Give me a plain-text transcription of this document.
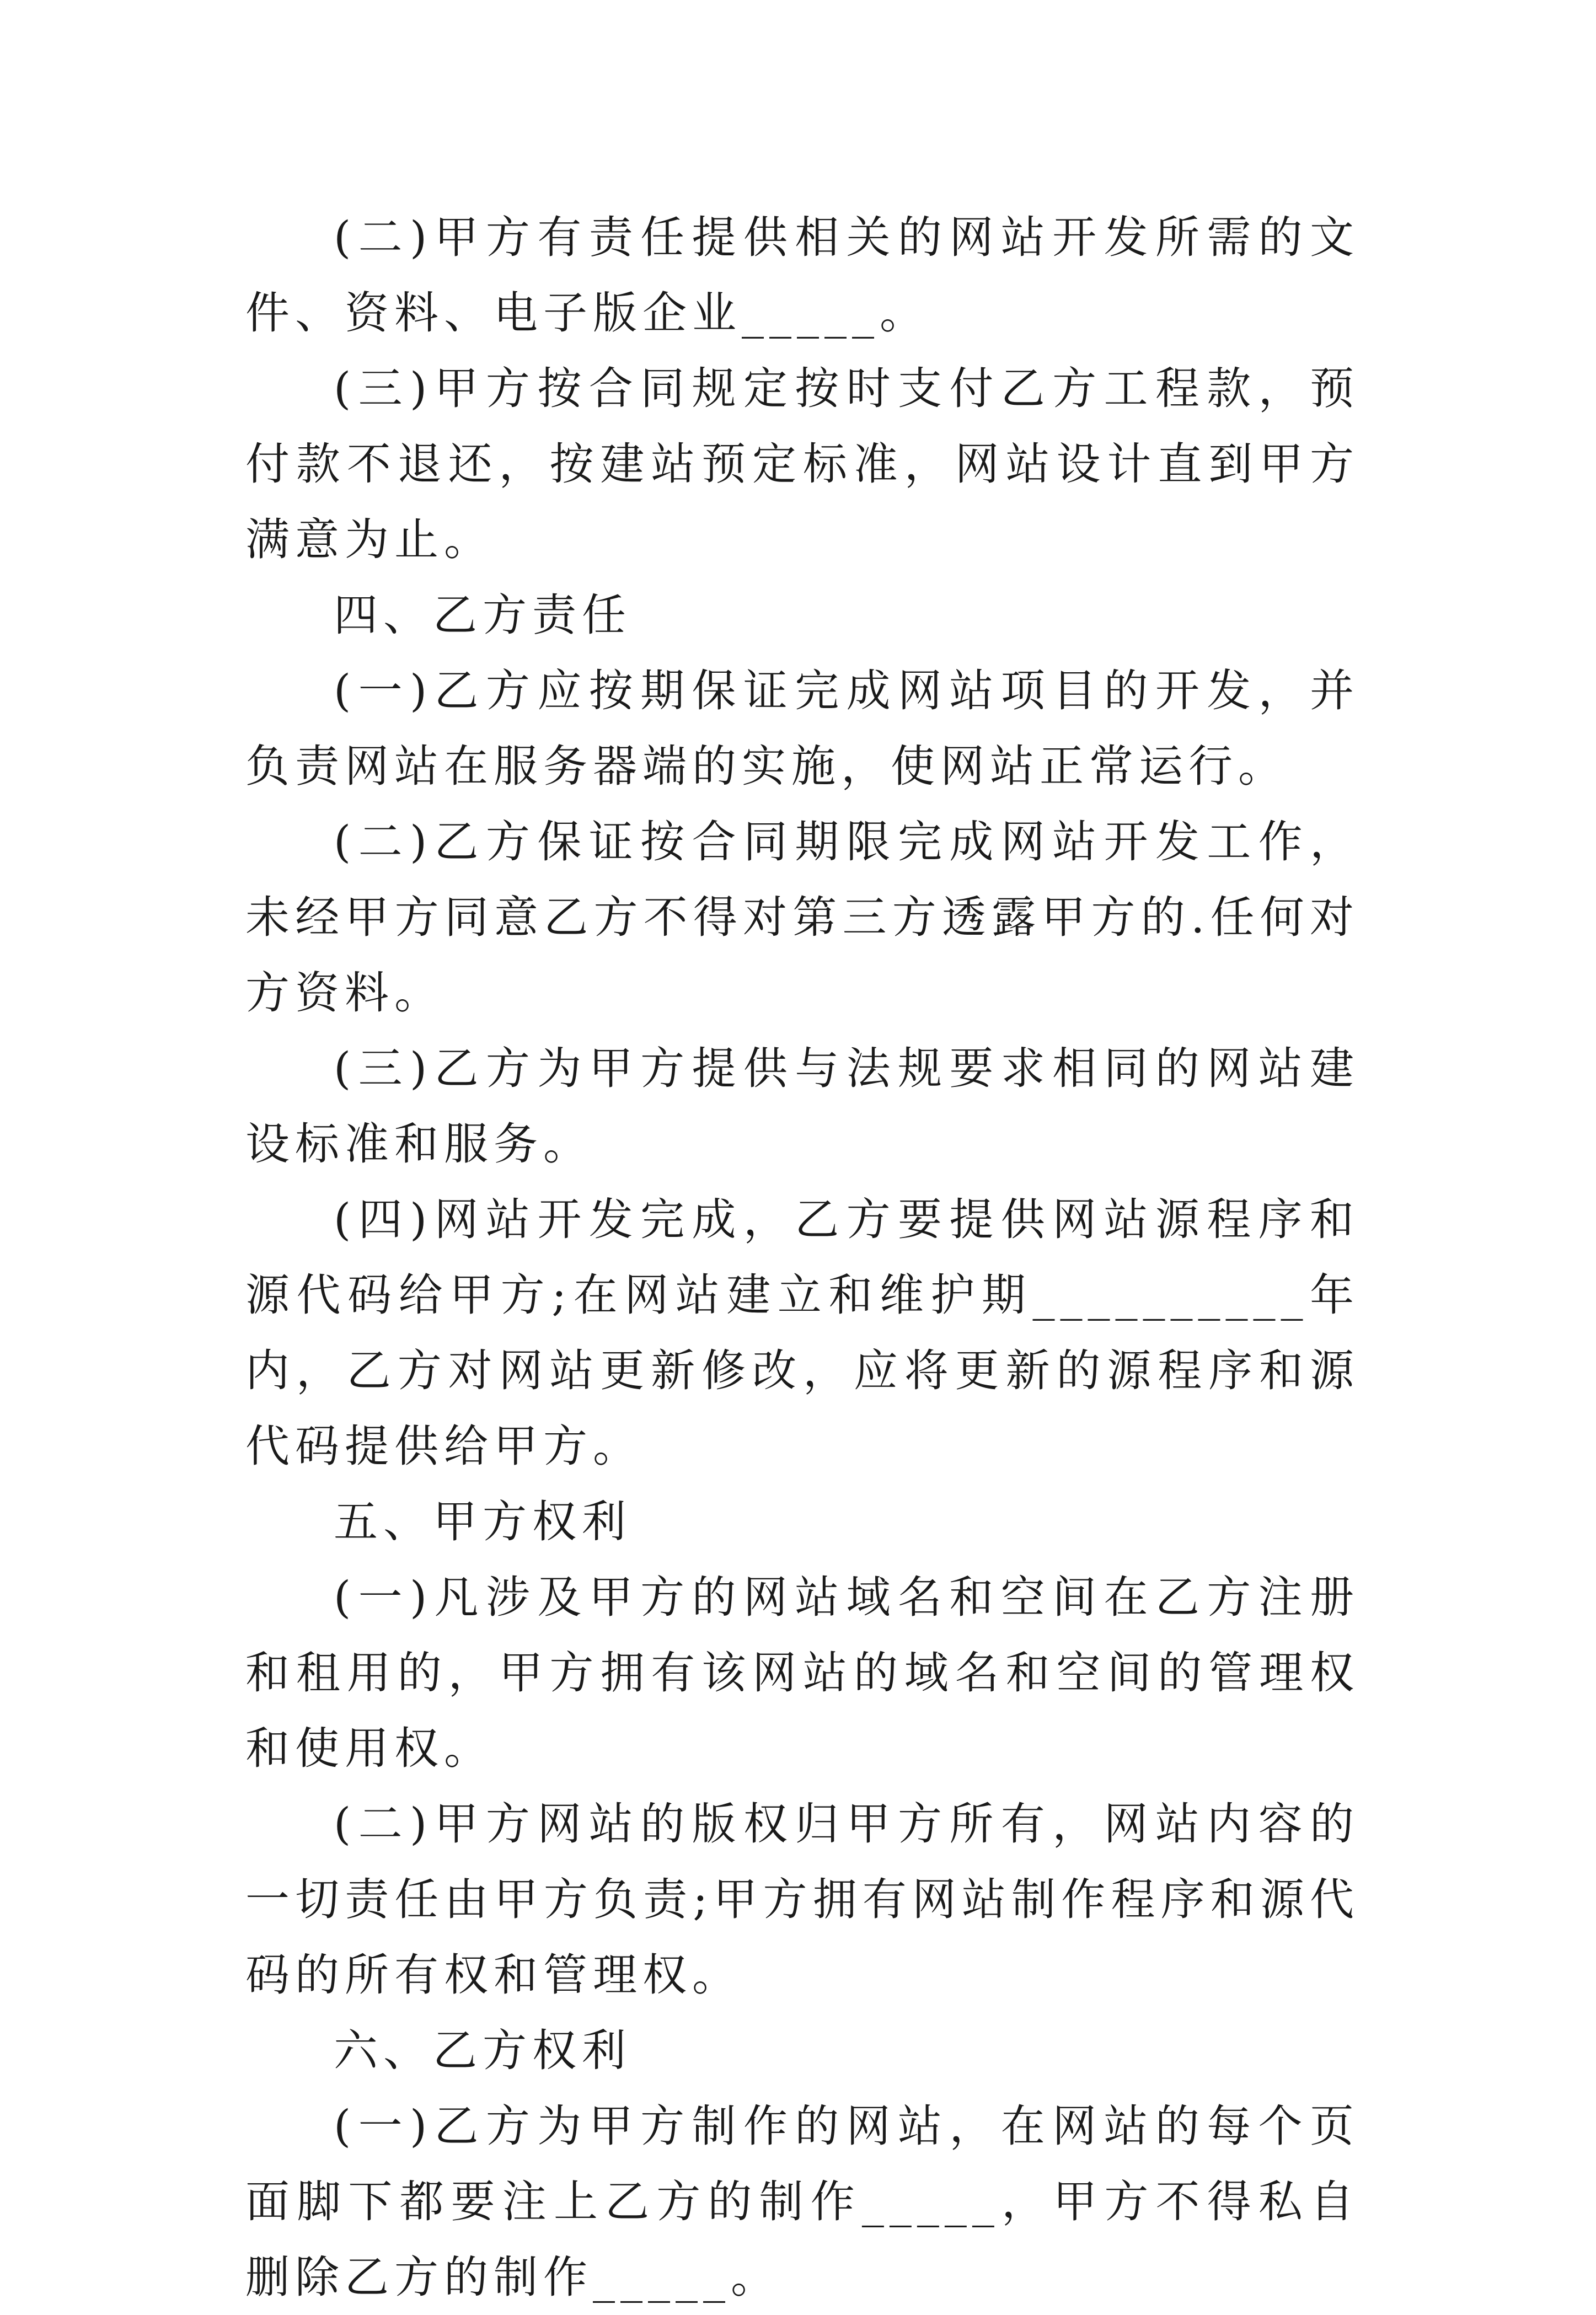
(二)甲方有责任提供相关的网站开发所需的文件、资料、电子版企业_____。

(三)甲方按合同规定按时支付乙方工程款，预付款不退还，按建站预定标准，网站设计直到甲方满意为止。

四、乙方责任

(一)乙方应按期保证完成网站项目的开发，并负责网站在服务器端的实施，使网站正常运行。

(二)乙方保证按合同期限完成网站开发工作，未经甲方同意乙方不得对第三方透露甲方的.任何对方资料。

(三)乙方为甲方提供与法规要求相同的网站建设标准和服务。

(四)网站开发完成，乙方要提供网站源程序和源代码给甲方;在网站建立和维护期__________年内，乙方对网站更新修改，应将更新的源程序和源代码提供给甲方。

五、甲方权利

(一)凡涉及甲方的网站域名和空间在乙方注册和租用的，甲方拥有该网站的域名和空间的管理权和使用权。

(二)甲方网站的版权归甲方所有，网站内容的一切责任由甲方负责;甲方拥有网站制作程序和源代码的所有权和管理权。

六、乙方权利

(一)乙方为甲方制作的网站，在网站的每个页面脚下都要注上乙方的制作_____，甲方不得私自删除乙方的制作_____。
